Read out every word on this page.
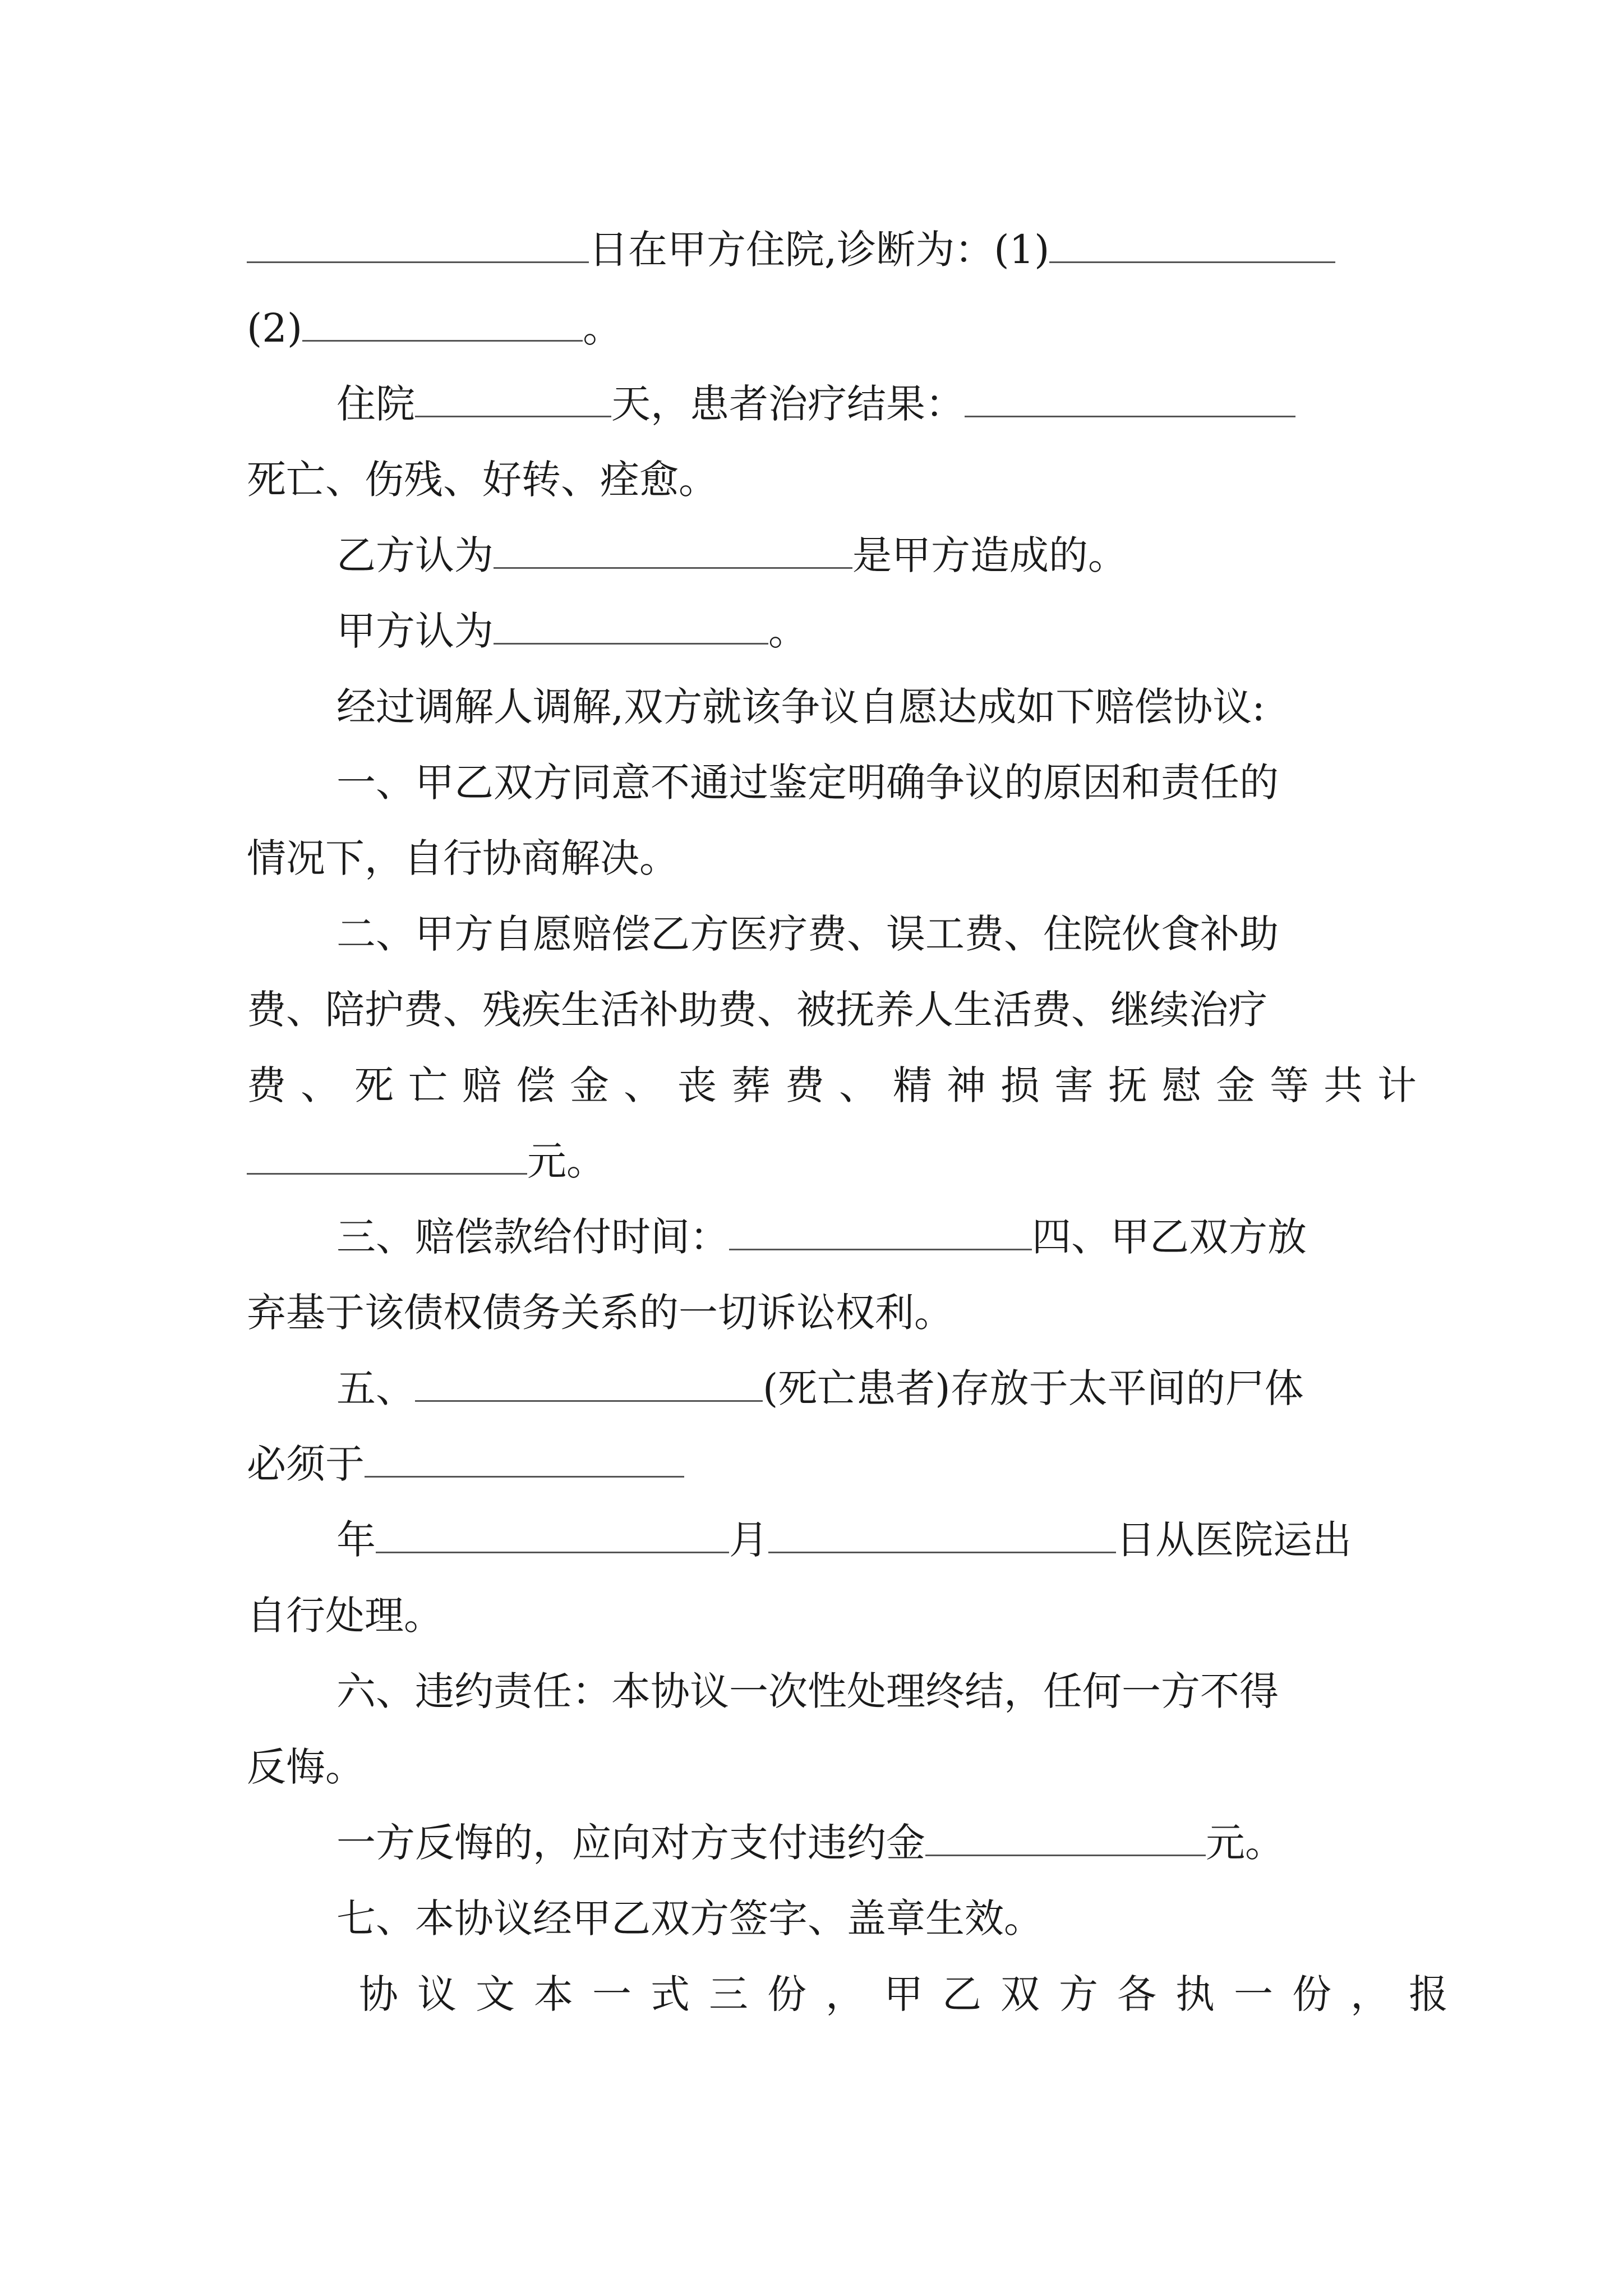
日在甲方住院,诊断为：(1)
(2)	。
住院	天，患者治疗结果：
死亡、伤残、好转、痊愈。
乙方认为	是甲方造成的。
甲方认为	。
经过调解人调解,双方就该争议自愿达成如下赔偿协议:
一、甲乙双方同意不通过鉴定明确争议的原因和责任的
情况下，自行协商解决。
二、甲方自愿赔偿乙方医疗费、误工费、住院伙食补助
费、陪护费、残疾生活补助费、被抚养人生活费、继续治疗
费、死亡赔偿金、丧葬费、精神损害抚慰金等共计
元。
三、赔偿款给付时间：	四、甲乙双方放
弃基于该债权债务关系的一切诉讼权利。
五、	(死亡患者)存放于太平间的尸体
必须于
年	月	日从医院运出
自行处理。
六、违约责任：本协议一次性处理终结，任何一方不得
反悔。
一方反悔的，应向对方支付违约金	元。
七、本协议经甲乙双方签字、盖章生效。
协议文本一式三份，甲乙双方各执一份，报
